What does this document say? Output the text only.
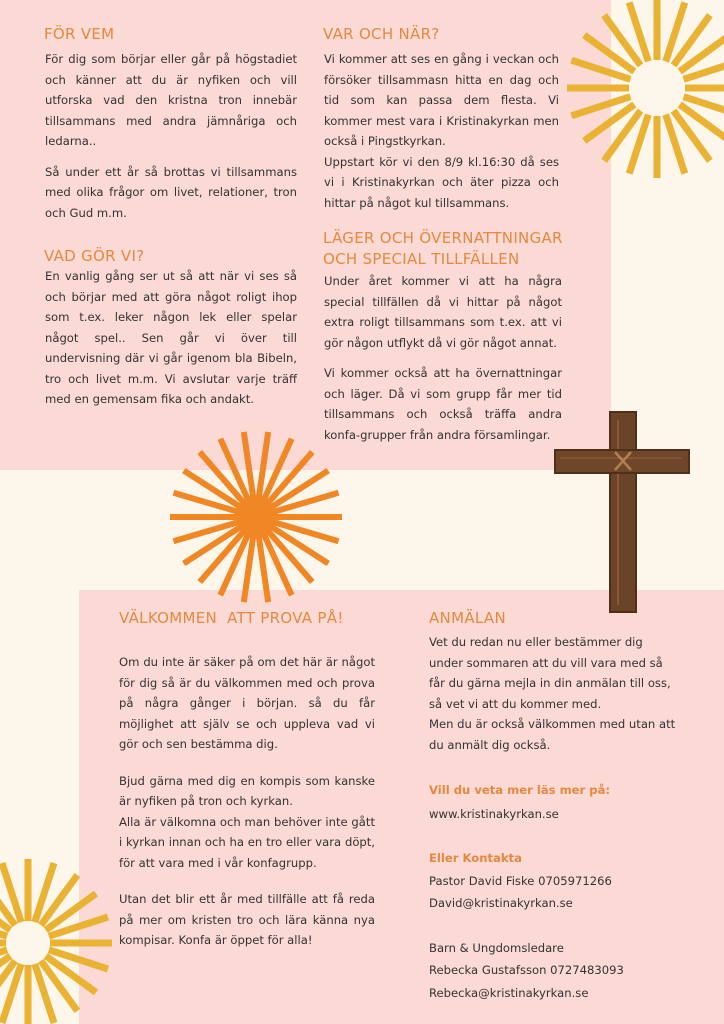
FÖR VEM

För dig som börjar eller går på högstadiet och känner att du är nyfiken och vill utforska vad den kristna tron innebär tillsammans med andra jämnåriga och ledarna..

Så under ett år så brottas vi tillsammans med olika frågor om livet, relationer, tron och Gud m.m.

VAD GÖR VI?

En vanlig gång ser ut så att när vi ses så och börjar med att göra något roligt ihop som t.ex. leker någon lek eller spelar något spel.. Sen går vi över till undervisning där vi går igenom bla Bibeln, tro och livet m.m. Vi avslutar varje träff med en gemensam fika och andakt.

VAR OCH NÄR?

Vi kommer att ses en gång i veckan och försöker tillsammasn hitta en dag och tid som kan passa dem flesta. Vi kommer mest vara i Kristinakyrkan men också i Pingstkyrkan.

Uppstart kör vi den 8/9 kl.16:30 då ses vi i Kristinakyrkan och äter pizza och hittar på något kul tillsammans.

LÄGER OCH ÖVERNATTNINGAR
OCH SPECIAL TILLFÄLLEN

Under året kommer vi att ha några special tillfällen då vi hittar på något extra roligt tillsammans som t.ex. att vi gör någon utflykt då vi gör något annat.

Vi kommer också att ha övernattningar och läger. Då vi som grupp får mer tid tillsammans och också träffa andra konfa-grupper från andra församlingar.

VÄLKOMMEN  ATT PROVA PÅ!

Om du inte är säker på om det här är något för dig så är du välkommen med och prova på några gånger i början. så du får möjlighet att själv se och uppleva vad vi gör och sen bestämma dig.

Bjud gärna med dig en kompis som kanske är nyfiken på tron och kyrkan.

Alla är välkomna och man behöver inte gått i kyrkan innan och ha en tro eller vara döpt, för att vara med i vår konfagrupp.

Utan det blir ett år med tillfälle att få reda på mer om kristen tro och lära känna nya kompisar. Konfa är öppet för alla!

ANMÄLAN
Vet du redan nu eller bestämmer dig under sommaren att du vill vara med så får du gärna mejla in din anmälan till oss, så vet vi att du kommer med.
Men du är också välkommen med utan att du anmält dig också.
Vill du veta mer läs mer på:
www.kristinakyrkan.se
Eller Kontakta
Pastor David Fiske 0705971266
David@kristinakyrkan.se
Barn & Ungdomsledare
Rebecka Gustafsson 0727483093
Rebecka@kristinakyrkan.se
